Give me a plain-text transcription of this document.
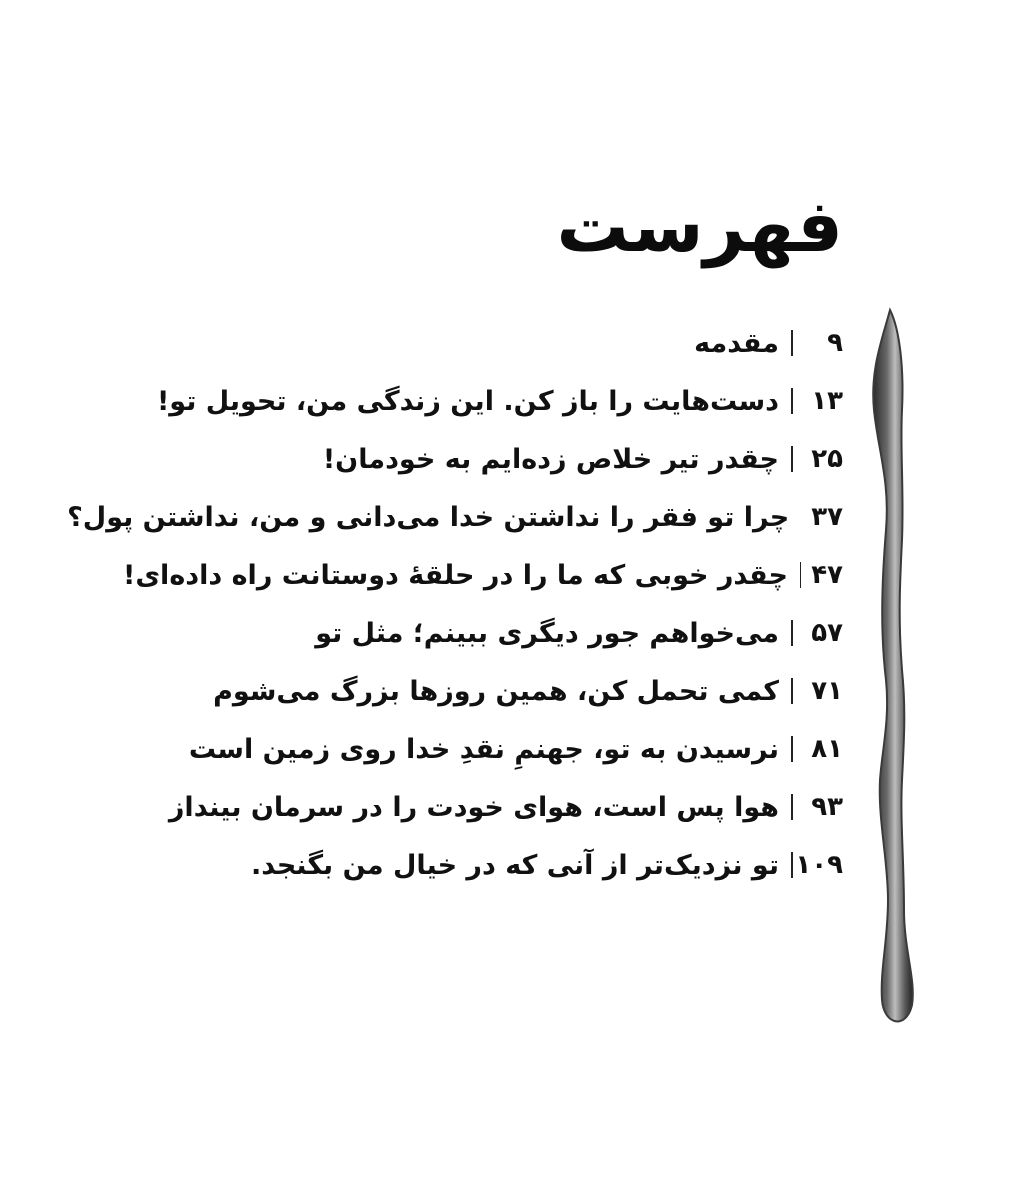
فهرست
۹
مقدمه
۱۳
دست‌هایت را باز کن. این زندگی من، تحویل تو!
۲۵
چقدر تیر خلاص زده‌ایم به خودمان!
۳۷
چرا تو فقر را نداشتن خدا می‌دانی و من، نداشتن پول؟
۴۷
چقدر خوبی که ما را در حلقهٔ دوستانت راه داده‌ای!
۵۷
می‌خواهم جور دیگری ببینم؛ مثل تو
۷۱
کمی تحمل کن، همین روزها بزرگ می‌شوم
۸۱
نرسیدن به تو، جهنمِ نقدِ خدا روی زمین است
۹۳
هوا پس است، هوای خودت را در سرمان بینداز
۱۰۹
تو نزدیک‌تر از آنی که در خیال من بگنجد.
